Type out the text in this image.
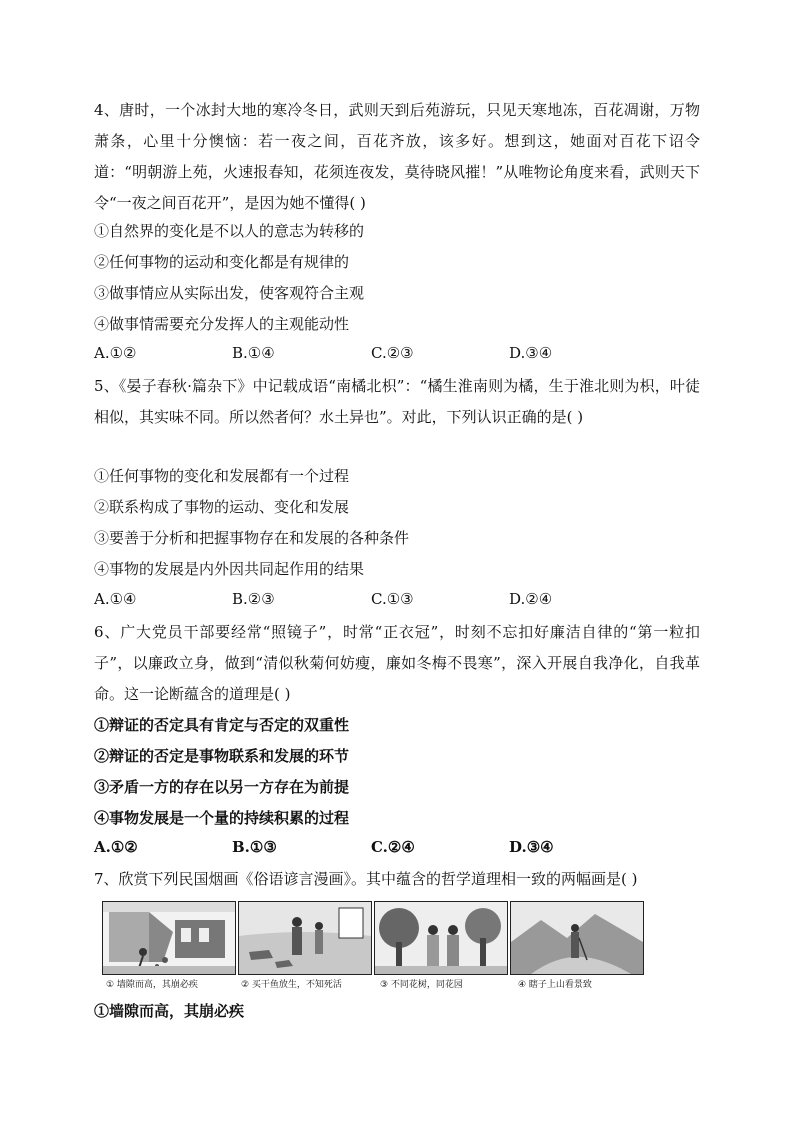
4、唐时，一个冰封大地的寒冷冬日，武则天到后苑游玩，只见天寒地冻，百花凋谢，万物萧条，心里十分懊恼：若一夜之间，百花齐放，该多好。想到这，她面对百花下诏令道：“明朝游上苑，火速报春知，花须连夜发，莫待晓风摧！”从唯物论角度来看，武则天下令“一夜之间百花开”，是因为她不懂得( )
①自然界的变化是不以人的意志为转移的
②任何事物的运动和变化都是有规律的
③做事情应从实际出发，使客观符合主观
④做事情需要充分发挥人的主观能动性
A.①②	B.①④	C.②③	D.③④
5、《晏子春秋·篇杂下》中记载成语“南橘北枳”：“橘生淮南则为橘，生于淮北则为枳，叶徒相似，其实味不同。所以然者何？水土异也”。对此，下列认识正确的是( )
①任何事物的变化和发展都有一个过程
②联系构成了事物的运动、变化和发展
③要善于分析和把握事物存在和发展的各种条件
④事物的发展是内外因共同起作用的结果
A.①④	B.②③	C.①③	D.②④
6、广大党员干部要经常“照镜子”，时常“正衣冠”，时刻不忘扣好廉洁自律的“第一粒扣子”，以廉政立身，做到“清似秋菊何妨瘦，廉如冬梅不畏寒”，深入开展自我净化，自我革命。这一论断蕴含的道理是( )
①辩证的否定具有肯定与否定的双重性
②辩证的否定是事物联系和发展的环节
③矛盾一方的存在以另一方存在为前提
④事物发展是一个量的持续积累的过程
A.①②	B.①③	C.②④	D.③④
7、欣赏下列民国烟画《俗语谚言漫画》。其中蕴含的哲学道理相一致的两幅画是( )
① 墙隙而高，其崩必疾	② 买干鱼放生，不知死活	③ 不同花树，同花园	④ 瞎子上山看景致
①墙隙而高，其崩必疾
